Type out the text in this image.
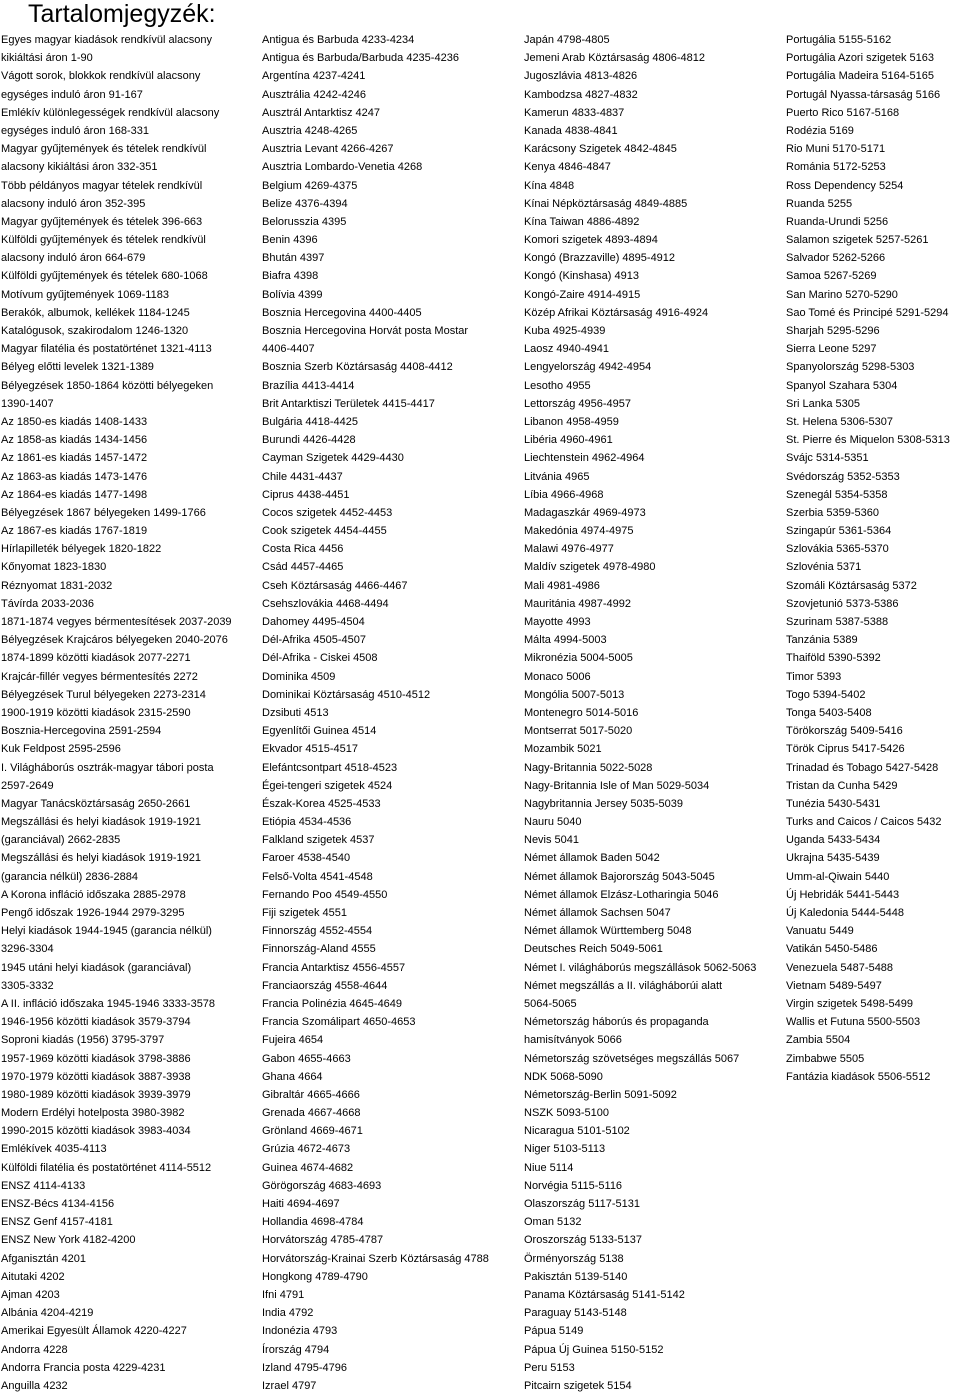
Tartalomjegyzék:
Egyes magyar kiadások rendkívül alacsony
kikiáltási áron 1-90
Vágott sorok, blokkok rendkívül alacsony
egységes induló áron 91-167
Emlékív különlegességek rendkívül alacsony
egységes induló áron 168-331
Magyar gyűjtemények és tételek rendkívül
alacsony kikiáltási áron 332-351
Több példányos magyar tételek rendkívül
alacsony induló áron 352-395
Magyar gyűjtemények és tételek 396-663
Külföldi gyűjtemények és tételek rendkívül
alacsony induló áron 664-679
Külföldi gyűjtemények és tételek 680-1068
Motívum gyűjtemények 1069-1183
Berakók, albumok, kellékek 1184-1245
Katalógusok, szakirodalom 1246-1320
Magyar filatélia és postatörténet 1321-4113
Bélyeg előtti levelek 1321-1389
Bélyegzések 1850-1864 közötti bélyegeken
1390-1407
Az 1850-es kiadás 1408-1433
Az 1858-as kiadás 1434-1456
Az 1861-es kiadás 1457-1472
Az 1863-as kiadás 1473-1476
Az 1864-es kiadás 1477-1498
Bélyegzések 1867 bélyegeken 1499-1766
Az 1867-es kiadás 1767-1819
Hírlapilleték bélyegek 1820-1822
Kőnyomat 1823-1830
Réznyomat 1831-2032
Távírda 2033-2036
1871-1874 vegyes bérmentesítések 2037-2039
Bélyegzések Krajcáros bélyegeken 2040-2076
1874-1899 közötti kiadások 2077-2271
Krajcár-fillér vegyes bérmentesítés 2272
Bélyegzések Turul bélyegeken 2273-2314
1900-1919 közötti kiadások 2315-2590
Bosznia-Hercegovina 2591-2594
Kuk Feldpost 2595-2596
I. Világháborús osztrák-magyar tábori posta
2597-2649
Magyar Tanácsköztársaság 2650-2661
Megszállási és helyi kiadások 1919-1921
(garanciával) 2662-2835
Megszállási és helyi kiadások 1919-1921
(garancia nélkül) 2836-2884
A Korona infláció időszaka 2885-2978
Pengő időszak 1926-1944 2979-3295
Helyi kiadások 1944-1945 (garancia nélkül)
3296-3304
1945 utáni helyi kiadások (garanciával)
3305-3332
A II. infláció időszaka 1945-1946 3333-3578
1946-1956 közötti kiadások 3579-3794
Soproni kiadás (1956) 3795-3797
1957-1969 közötti kiadások 3798-3886
1970-1979 közötti kiadások 3887-3938
1980-1989 közötti kiadások 3939-3979
Modern Erdélyi hotelposta 3980-3982
1990-2015 közötti kiadások 3983-4034
Emlékívek 4035-4113
Külföldi filatélia és postatörténet 4114-5512
ENSZ 4114-4133
ENSZ-Bécs 4134-4156
ENSZ Genf 4157-4181
ENSZ New York 4182-4200
Afganisztán 4201
Aitutaki 4202
Ajman 4203
Albánia 4204-4219
Amerikai Egyesült Államok 4220-4227
Andorra 4228
Andorra Francia posta 4229-4231
Anguilla 4232
Antigua és Barbuda 4233-4234
Antigua és Barbuda/Barbuda 4235-4236
Argentína 4237-4241
Ausztrália 4242-4246
Ausztrál Antarktisz 4247
Ausztria 4248-4265
Ausztria Levant 4266-4267
Ausztria Lombardo-Venetia 4268
Belgium 4269-4375
Belize 4376-4394
Belorusszia 4395
Benin 4396
Bhután 4397
Biafra 4398
Bolívia 4399
Bosznia Hercegovina 4400-4405
Bosznia Hercegovina Horvát posta Mostar
4406-4407
Bosznia Szerb Köztársaság 4408-4412
Brazília 4413-4414
Brit Antarktiszi Területek 4415-4417
Bulgária 4418-4425
Burundi 4426-4428
Cayman Szigetek 4429-4430
Chile 4431-4437
Ciprus 4438-4451
Cocos szigetek 4452-4453
Cook szigetek 4454-4455
Costa Rica 4456
Csád 4457-4465
Cseh Köztársaság 4466-4467
Csehszlovákia 4468-4494
Dahomey 4495-4504
Dél-Afrika 4505-4507
Dél-Afrika - Ciskei 4508
Dominika 4509
Dominikai Köztársaság 4510-4512
Dzsibuti 4513
Egyenlítői Guinea 4514
Ekvador 4515-4517
Elefántcsontpart 4518-4523
Égei-tengeri szigetek 4524
Észak-Korea 4525-4533
Etiópia 4534-4536
Falkland szigetek 4537
Faroer 4538-4540
Felső-Volta 4541-4548
Fernando Poo 4549-4550
Fiji szigetek 4551
Finnország 4552-4554
Finnország-Aland 4555
Francia Antarktisz 4556-4557
Franciaország 4558-4644
Francia Polinézia 4645-4649
Francia Szomálipart 4650-4653
Fujeira 4654
Gabon 4655-4663
Ghana 4664
Gibraltár 4665-4666
Grenada 4667-4668
Grönland 4669-4671
Grúzia 4672-4673
Guinea 4674-4682
Görögország 4683-4693
Haiti 4694-4697
Hollandia 4698-4784
Horvátország 4785-4787
Horvátország-Krainai Szerb Köztársaság 4788
Hongkong 4789-4790
Ifni 4791
India 4792
Indonézia 4793
Írország 4794
Izland 4795-4796
Izrael 4797
Japán 4798-4805
Jemeni Arab Köztársaság 4806-4812
Jugoszlávia 4813-4826
Kambodzsa 4827-4832
Kamerun 4833-4837
Kanada 4838-4841
Karácsony Szigetek 4842-4845
Kenya 4846-4847
Kína 4848
Kínai Népköztársaság 4849-4885
Kína Taiwan 4886-4892
Komori szigetek 4893-4894
Kongó (Brazzaville) 4895-4912
Kongó (Kinshasa) 4913
Kongó-Zaire 4914-4915
Közép Afrikai Köztársaság 4916-4924
Kuba 4925-4939
Laosz 4940-4941
Lengyelország 4942-4954
Lesotho 4955
Lettország 4956-4957
Libanon 4958-4959
Libéria 4960-4961
Liechtenstein 4962-4964
Litvánia 4965
Líbia 4966-4968
Madagaszkár 4969-4973
Makedónia 4974-4975
Malawi 4976-4977
Maldív szigetek 4978-4980
Mali 4981-4986
Mauritánia 4987-4992
Mayotte 4993
Málta 4994-5003
Mikronézia 5004-5005
Monaco 5006
Mongólia 5007-5013
Montenegro 5014-5016
Montserrat 5017-5020
Mozambik 5021
Nagy-Britannia 5022-5028
Nagy-Britannia Isle of Man 5029-5034
Nagybritannia Jersey 5035-5039
Nauru 5040
Nevis 5041
Német államok Baden 5042
Német államok Bajorország 5043-5045
Német államok Elzász-Lotharingia 5046
Német államok Sachsen 5047
Német államok Württemberg 5048
Deutsches Reich 5049-5061
Német I. világháborús megszállások 5062-5063
Német megszállás a II. világháborúi alatt
5064-5065
Németország háborús és propaganda
hamisítványok 5066
Németország szövetséges megszállás 5067
NDK 5068-5090
Németország-Berlin 5091-5092
NSZK 5093-5100
Nicaragua 5101-5102
Niger 5103-5113
Niue 5114
Norvégia 5115-5116
Olaszország 5117-5131
Oman 5132
Oroszország 5133-5137
Örményország 5138
Pakisztán 5139-5140
Panama Köztársaság 5141-5142
Paraguay 5143-5148
Pápua 5149
Pápua Új Guinea 5150-5152
Peru 5153
Pitcairn szigetek 5154
Portugália 5155-5162
Portugália Azori szigetek 5163
Portugália Madeira 5164-5165
Portugál Nyassa-társaság 5166
Puerto Rico 5167-5168
Rodézia 5169
Rio Muni 5170-5171
Románia 5172-5253
Ross Dependency 5254
Ruanda 5255
Ruanda-Urundi 5256
Salamon szigetek 5257-5261
Salvador 5262-5266
Samoa 5267-5269
San Marino 5270-5290
Sao Tomé és Principé 5291-5294
Sharjah 5295-5296
Sierra Leone 5297
Spanyolország 5298-5303
Spanyol Szahara 5304
Sri Lanka 5305
St. Helena 5306-5307
St. Pierre és Miquelon 5308-5313
Svájc 5314-5351
Svédország 5352-5353
Szenegál 5354-5358
Szerbia 5359-5360
Szingapúr 5361-5364
Szlovákia 5365-5370
Szlovénia 5371
Szomáli Köztársaság 5372
Szovjetunió 5373-5386
Szurinam 5387-5388
Tanzánia 5389
Thaiföld 5390-5392
Timor 5393
Togo 5394-5402
Tonga 5403-5408
Törökország 5409-5416
Török Ciprus 5417-5426
Trinadad és Tobago 5427-5428
Tristan da Cunha 5429
Tunézia 5430-5431
Turks and Caicos / Caicos 5432
Uganda 5433-5434
Ukrajna 5435-5439
Umm-al-Qiwain 5440
Új Hebridák 5441-5443
Új Kaledonia 5444-5448
Vanuatu 5449
Vatikán 5450-5486
Venezuela 5487-5488
Vietnam 5489-5497
Virgin szigetek 5498-5499
Wallis et Futuna 5500-5503
Zambia 5504
Zimbabwe 5505
Fantázia kiadások 5506-5512
